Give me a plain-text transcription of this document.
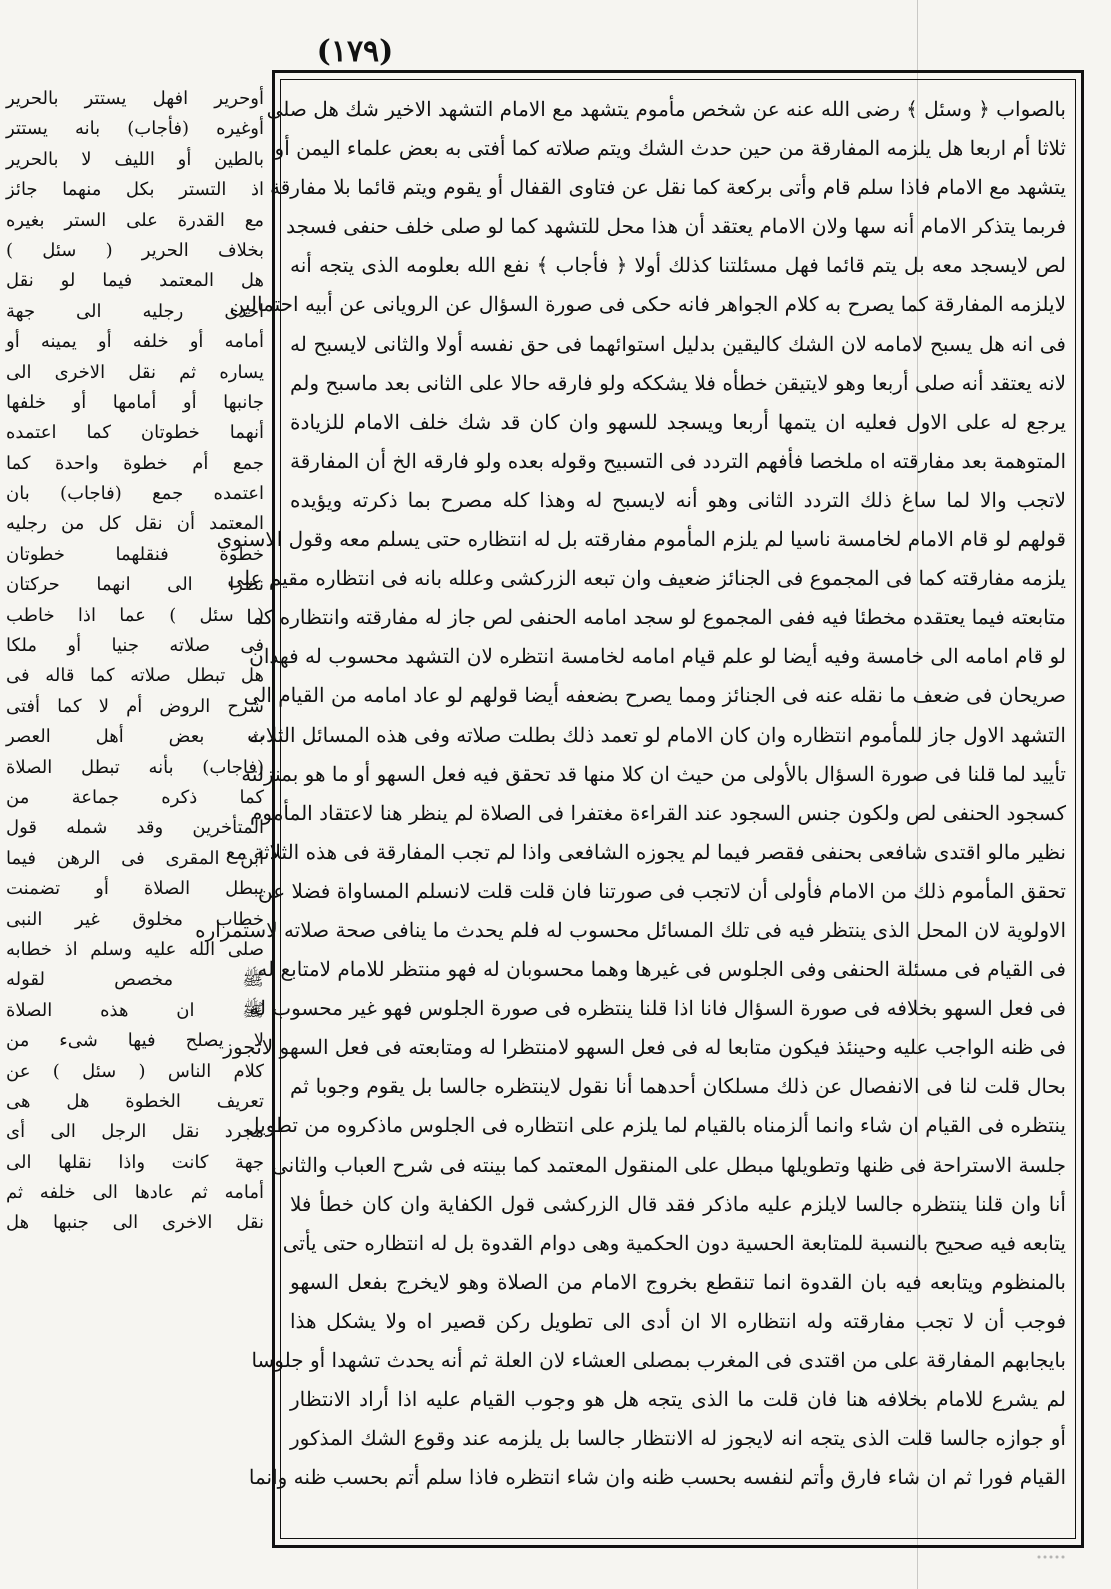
(١٧٩)
بالصواب ﴿ وسئل ﴾ رضى الله عنه عن شخص مأموم يتشهد مع الامام التشهد الاخير شك هل صلى
ثلاثا أم اربعا هل يلزمه المفارقة من حين حدث الشك ويتم صلاته كما أفتى به بعض علماء اليمن أو
يتشهد مع الامام فاذا سلم قام وأتى بركعة كما نقل عن فتاوى القفال أو يقوم ويتم قائما بلا مفارقة
فربما يتذكر الامام أنه سها ولان الامام يعتقد أن هذا محل للتشهد كما لو صلى خلف حنفى فسجد
لص لايسجد معه بل يتم قائما فهل مسئلتنا كذلك أولا ﴿ فأجاب ﴾ نفع الله بعلومه الذى يتجه أنه
لايلزمه المفارقة كما يصرح به كلام الجواهر فانه حكى فى صورة السؤال عن الرويانى عن أبيه احتمالين
فى انه هل يسبح لامامه لان الشك كاليقين بدليل استوائهما فى حق نفسه أولا والثانى لايسبح له
لانه يعتقد أنه صلى أربعا وهو لايتيقن خطأه فلا يشككه ولو فارقه حالا على الثانى بعد ماسبح ولم
يرجع له على الاول فعليه ان يتمها أربعا ويسجد للسهو وان كان قد شك خلف الامام للزيادة
المتوهمة بعد مفارقته اه ملخصا فأفهم التردد فى التسبيح وقوله بعده ولو فارقه الخ أن المفارقة
لاتجب والا لما ساغ ذلك التردد الثانى وهو أنه لايسبح له وهذا كله مصرح بما ذكرته ويؤيده
قولهم لو قام الامام لخامسة ناسيا لم يلزم المأموم مفارقته بل له انتظاره حتى يسلم معه وقول الاسنوى
يلزمه مفارقته كما فى المجموع فى الجنائز ضعيف وان تبعه الزركشى وعلله بانه فى انتظاره مقيم على
متابعته فيما يعتقده مخطئا فيه ففى المجموع لو سجد امامه الحنفى لص جاز له مفارقته وانتظاره كما
لو قام امامه الى خامسة وفيه أيضا لو علم قيام امامه لخامسة انتظره لان التشهد محسوب له فهذان
صريحان فى ضعف ما نقله عنه فى الجنائز ومما يصرح بضعفه أيضا قولهم لو عاد امامه من القيام الى
التشهد الاول جاز للمأموم انتظاره وان كان الامام لو تعمد ذلك بطلت صلاته وفى هذه المسائل الثلاث
تأييد لما قلنا فى صورة السؤال بالأولى من حيث ان كلا منها قد تحقق فيه فعل السهو أو ما هو بمنزلته
كسجود الحنفى لص ولكون جنس السجود عند القراءة مغتفرا فى الصلاة لم ينظر هنا لاعتقاد المأموم
نظير مالو اقتدى شافعى بحنفى فقصر فيما لم يجوزه الشافعى واذا لم تجب المفارقة فى هذه الثلاثة مع
تحقق المأموم ذلك من الامام فأولى أن لاتجب فى صورتنا فان قلت قلت لانسلم المساواة فضلا عن
الاولوية لان المحل الذى ينتظر فيه فى تلك المسائل محسوب له فلم يحدث ما ينافى صحة صلاته لاستمراره
فى القيام فى مسئلة الحنفى وفى الجلوس فى غيرها وهما محسوبان له فهو منتظر للامام لامتابع له
فى فعل السهو بخلافه فى صورة السؤال فانا اذا قلنا ينتظره فى صورة الجلوس فهو غير محسوب له
فى ظنه الواجب عليه وحينئذ فيكون متابعا له فى فعل السهو لامنتظرا له ومتابعته فى فعل السهو لاتجوز
بحال قلت لنا فى الانفصال عن ذلك مسلكان أحدهما أنا نقول لاينتظره جالسا بل يقوم وجوبا ثم
ينتظره فى القيام ان شاء وانما ألزمناه بالقيام لما يلزم على انتظاره فى الجلوس ماذكروه من تطويل
جلسة الاستراحة فى ظنها وتطويلها مبطل على المنقول المعتمد كما بينته فى شرح العباب والثانى
أنا وان قلنا ينتظره جالسا لايلزم عليه ماذكر فقد قال الزركشى قول الكفاية وان كان خطأ فلا
يتابعه فيه صحيح بالنسبة للمتابعة الحسية دون الحكمية وهى دوام القدوة بل له انتظاره حتى يأتى
بالمنظوم ويتابعه فيه بان القدوة انما تنقطع بخروج الامام من الصلاة وهو لايخرج بفعل السهو
فوجب أن لا تجب مفارقته وله انتظاره الا ان أدى الى تطويل ركن قصير اه ولا يشكل هذا
بايجابهم المفارقة على من اقتدى فى المغرب بمصلى العشاء لان العلة ثم أنه يحدث تشهدا أو جلوسا
لم يشرع للامام بخلافه هنا فان قلت ما الذى يتجه هل هو وجوب القيام عليه اذا أراد الانتظار
أو جوازه جالسا قلت الذى يتجه انه لايجوز له الانتظار جالسا بل يلزمه عند وقوع الشك المذكور
القيام فورا ثم ان شاء فارق وأتم لنفسه بحسب ظنه وان شاء انتظره فاذا سلم أتم بحسب ظنه وانما
أوحرير افهل يستتر بالحرير
أوغيره (فأجاب) بانه يستتر
بالطين أو الليف لا بالحرير
اذ التستر بكل منهما جائز
مع القدرة على الستر بغيره
بخلاف الحرير ( سئل )
هل المعتمد فيما لو نقل
احدى رجليه الى جهة
أمامه أو خلفه أو يمينه أو
يساره ثم نقل الاخرى الى
جانبها أو أمامها أو خلفها
أنهما خطوتان كما اعتمده
جمع أم خطوة واحدة كما
اعتمده جمع (فاجاب) بان
المعتمد أن نقل كل من رجليه
خطوة فنقلهما خطوتان
نظرا الى انهما حركتان
( سئل ) عما اذا خاطب
فى صلاته جنيا أو ملكا
هل تبطل صلاته كما قاله فى
شرح الروض أم لا كما أفتى
به بعض أهل العصر
(فاجاب) بأنه تبطل الصلاة
كما ذكره جماعة من
المتأخرين وقد شمله قول
ابن المقرى فى الرهن فيما
يبطل الصلاة أو تضمنت
خطاب مخلوق غير النبى
صلى الله عليه وسلم اذ خطابه
ﷺ مخصص لقوله
ﷺ ان هذه الصلاة
لا يصلح فيها شىء من
كلام الناس ( سئل ) عن
تعريف الخطوة هل هى
مجرد نقل الرجل الى أى
جهة كانت واذا نقلها الى
أمامه ثم عادها الى خلفه ثم
نقل الاخرى الى جنبها هل
